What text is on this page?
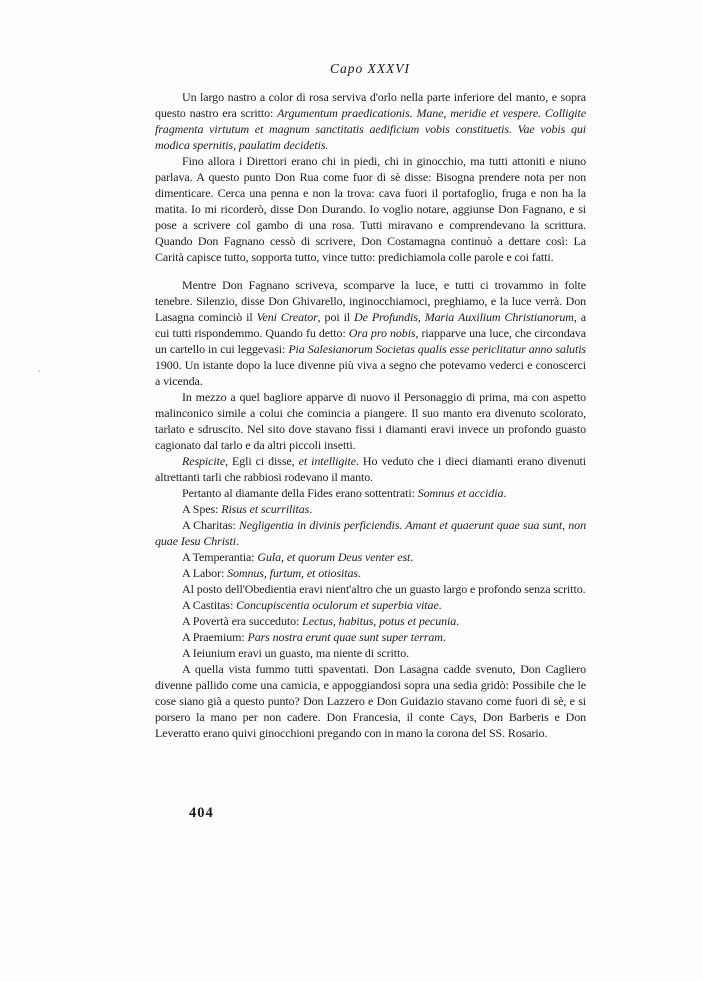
Capo XXXVI

Un largo nastro a color di rosa serviva d'orlo nella parte inferiore del manto, e sopra questo nastro era scritto: Argumentum praedicationis. Mane, meridie et vespere. Colligite fragmenta virtutum et magnum sanctitatis aedificium vobis constituetis. Vae vobis qui modica spernitis, paulatim decidetis.

Fino allora i Direttori erano chi in piedi, chi in ginocchio, ma tutti attoniti e niuno parlava. A questo punto Don Rua come fuor di sè disse: Bisogna prendere nota per non dimenticare. Cerca una penna e non la trova: cava fuori il portafoglio, fruga e non ha la matita. Io mi ricorderò, disse Don Durando. Io voglio notare, aggiunse Don Fagnano, e si pose a scrivere col gambo di una rosa. Tutti miravano e comprendevano la scrittura. Quando Don Fagnano cessò di scrivere, Don Costamagna continuò a dettare così: La Carità capisce tutto, sopporta tutto, vince tutto: predichiamola colle parole e coi fatti.

Mentre Don Fagnano scriveva, scomparve la luce, e tutti ci trovammo in folte tenebre. Silenzio, disse Don Ghivarello, inginocchiamoci, preghiamo, e la luce verrà. Don Lasagna cominciò il Veni Creator, poi il De Profundis, Maria Auxilium Christianorum, a cui tutti rispondemmo. Quando fu detto: Ora pro nobis, riapparve una luce, che circondava un cartello in cui leggevasi: Pia Salesianorum Societas qualis esse periclitatur anno salutis 1900. Un istante dopo la luce divenne più viva a segno che potevamo vederci e conoscerci a vicenda.

In mezzo a quel bagliore apparve di nuovo il Personaggio di prima, ma con aspetto malinconico simile a colui che comincia a piangere. Il suo manto era divenuto scolorato, tarlato e sdruscito. Nel sito dove stavano fissi i diamanti eravi invece un profondo guasto cagionato dal tarlo e da altri piccoli insetti.

Respicite, Egli ci disse, et intelligite. Ho veduto che i dieci diamanti erano divenuti altrettanti tarli che rabbiosi rodevano il manto.

Pertanto al diamante della Fides erano sottentrati: Somnus et accidia.

A Spes: Risus et scurrilitas.

A Charitas: Negligentia in divinis perficiendis. Amant et quaerunt quae sua sunt, non quae Iesu Christi.

A Temperantia: Gula, et quorum Deus venter est.

A Labor: Somnus, furtum, et otiositas.

Al posto dell'Obedientia eravi nient'altro che un guasto largo e profondo senza scritto.

A Castitas: Concupiscentia oculorum et superbia vitae.

A Povertà era succeduto: Lectus, habitus, potus et pecunia.

A Praemium: Pars nostra erunt quae sunt super terram.

A Ieiunium eravi un guasto, ma niente di scritto.

A quella vista fummo tutti spaventati. Don Lasagna cadde svenuto, Don Cagliero divenne pallido come una camicia, e appoggiandosi sopra una sedia gridò: Possibile che le cose siano già a questo punto? Don Lazzero e Don Guidazio stavano come fuori di sè, e si porsero la mano per non cadere. Don Francesia, il conte Cays, Don Barberis e Don Leveratto erano quivi ginocchioni pregando con in mano la corona del SS. Rosario.

404
